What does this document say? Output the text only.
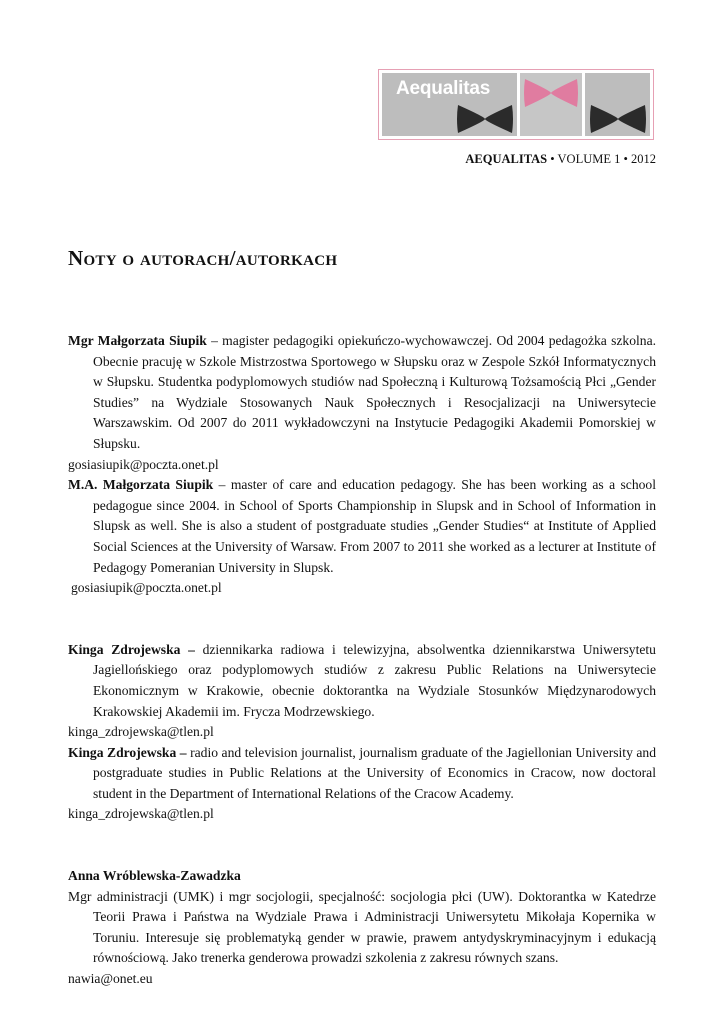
Aequalitas
AEQUALITAS • VOLUME 1 • 2012
Noty o autorach/autorkach

Mgr Małgorzata Siupik – magister pedagogiki opiekuńczo-wychowawczej. Od 2004 pedagożka szkolna. Obecnie pracuję w Szkole Mistrzostwa Sportowego w Słupsku oraz w Zespole Szkół Informatycznych w Słupsku. Studentka podyplomowych studiów nad Społeczną i Kulturową Tożsamością Płci „Gender Studies” na Wydziale Stosowanych Nauk Społecznych i Resocjalizacji na Uniwersytecie Warszawskim. Od 2007 do 2011 wykładowczyni na Instytucie Pedagogiki Akademii Pomorskiej w Słupsku.

gosiasiupik@poczta.onet.pl

M.A. Małgorzata Siupik – master of care and education pedagogy. She has been working as a school pedagogue since 2004. in School of Sports Championship in Slupsk and in School of Information in Slupsk as well. She is also a student of postgraduate studies „Gender Studies“ at Institute of Applied Social Sciences at the University of Warsaw. From 2007 to 2011 she worked as a lecturer at Institute of Pedagogy Pomeranian University in Slupsk.

gosiasiupik@poczta.onet.pl

Kinga Zdrojewska – dziennikarka radiowa i telewizyjna, absolwentka dziennikarstwa Uniwersytetu Jagiellońskiego oraz podyplomowych studiów z zakresu Public Relations na Uniwersytecie Ekonomicznym w Krakowie, obecnie doktorantka na Wydziale Stosunków Międzynarodowych Krakowskiej Akademii im. Frycza Modrzewskiego.

kinga_zdrojewska@tlen.pl

Kinga Zdrojewska – radio and television journalist, journalism graduate of the Jagiellonian University and postgraduate studies in Public Relations at the University of Economics in Cracow, now doctoral student in the Department of International Relations of the Cracow Academy.

kinga_zdrojewska@tlen.pl

Anna Wróblewska-Zawadzka

Mgr administracji (UMK) i mgr socjologii, specjalność: socjologia płci (UW). Doktorantka w Katedrze Teorii Prawa i Państwa na Wydziale Prawa i Administracji Uniwersytetu Mikołaja Kopernika w Toruniu. Interesuje się problematyką gender w prawie, prawem antydyskryminacyjnym i edukacją równościową. Jako trenerka genderowa prowadzi szkolenia z zakresu równych szans.

nawia@onet.eu
